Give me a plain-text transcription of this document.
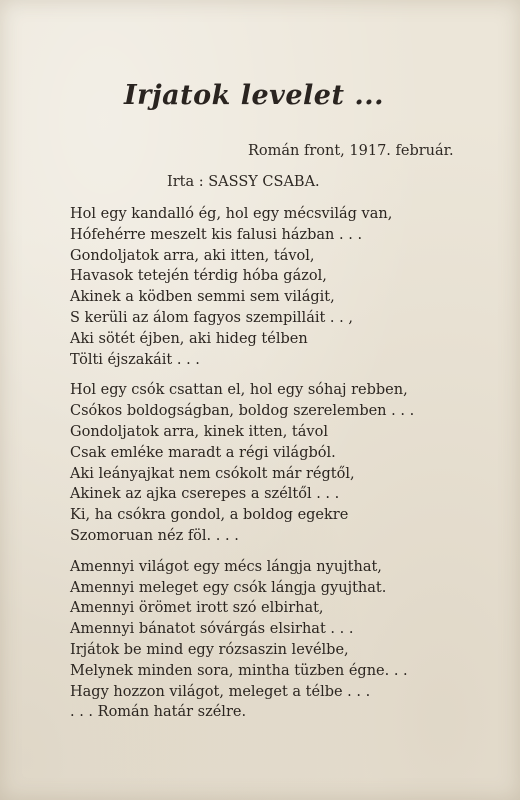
Irjatok levelet ...
Román front, 1917. február.
Irta : SASSY CSABA.
Hol egy kandalló ég, hol egy mécsvilág van,
Hófehérre meszelt kis falusi házban . . .
Gondoljatok arra, aki itten, távol,
Havasok tetején térdig hóba gázol,
Akinek a ködben semmi sem világit,
S kerüli az álom fagyos szempilláit . . ,
Aki sötét éjben, aki hideg télben
Tölti éjszakáit . . .
Hol egy csók csattan el, hol egy sóhaj rebben,
Csókos boldogságban, boldog szerelemben . . .
Gondoljatok arra, kinek itten, távol
Csak emléke maradt a régi világból.
Aki leányajkat nem csókolt már régtől,
Akinek az ajka cserepes a széltől . . .
Ki, ha csókra gondol, a boldog egekre
Szomoruan néz föl. . . .
Amennyi világot egy mécs lángja nyujthat,
Amennyi meleget egy csók lángja gyujthat.
Amennyi örömet irott szó elbirhat,
Amennyi bánatot sóvárgás elsirhat . . .
Irjátok be mind egy rózsaszin levélbe,
Melynek minden sora, mintha tüzben égne. . .
Hagy hozzon világot, meleget a télbe . . .
. . . Román határ szélre.
